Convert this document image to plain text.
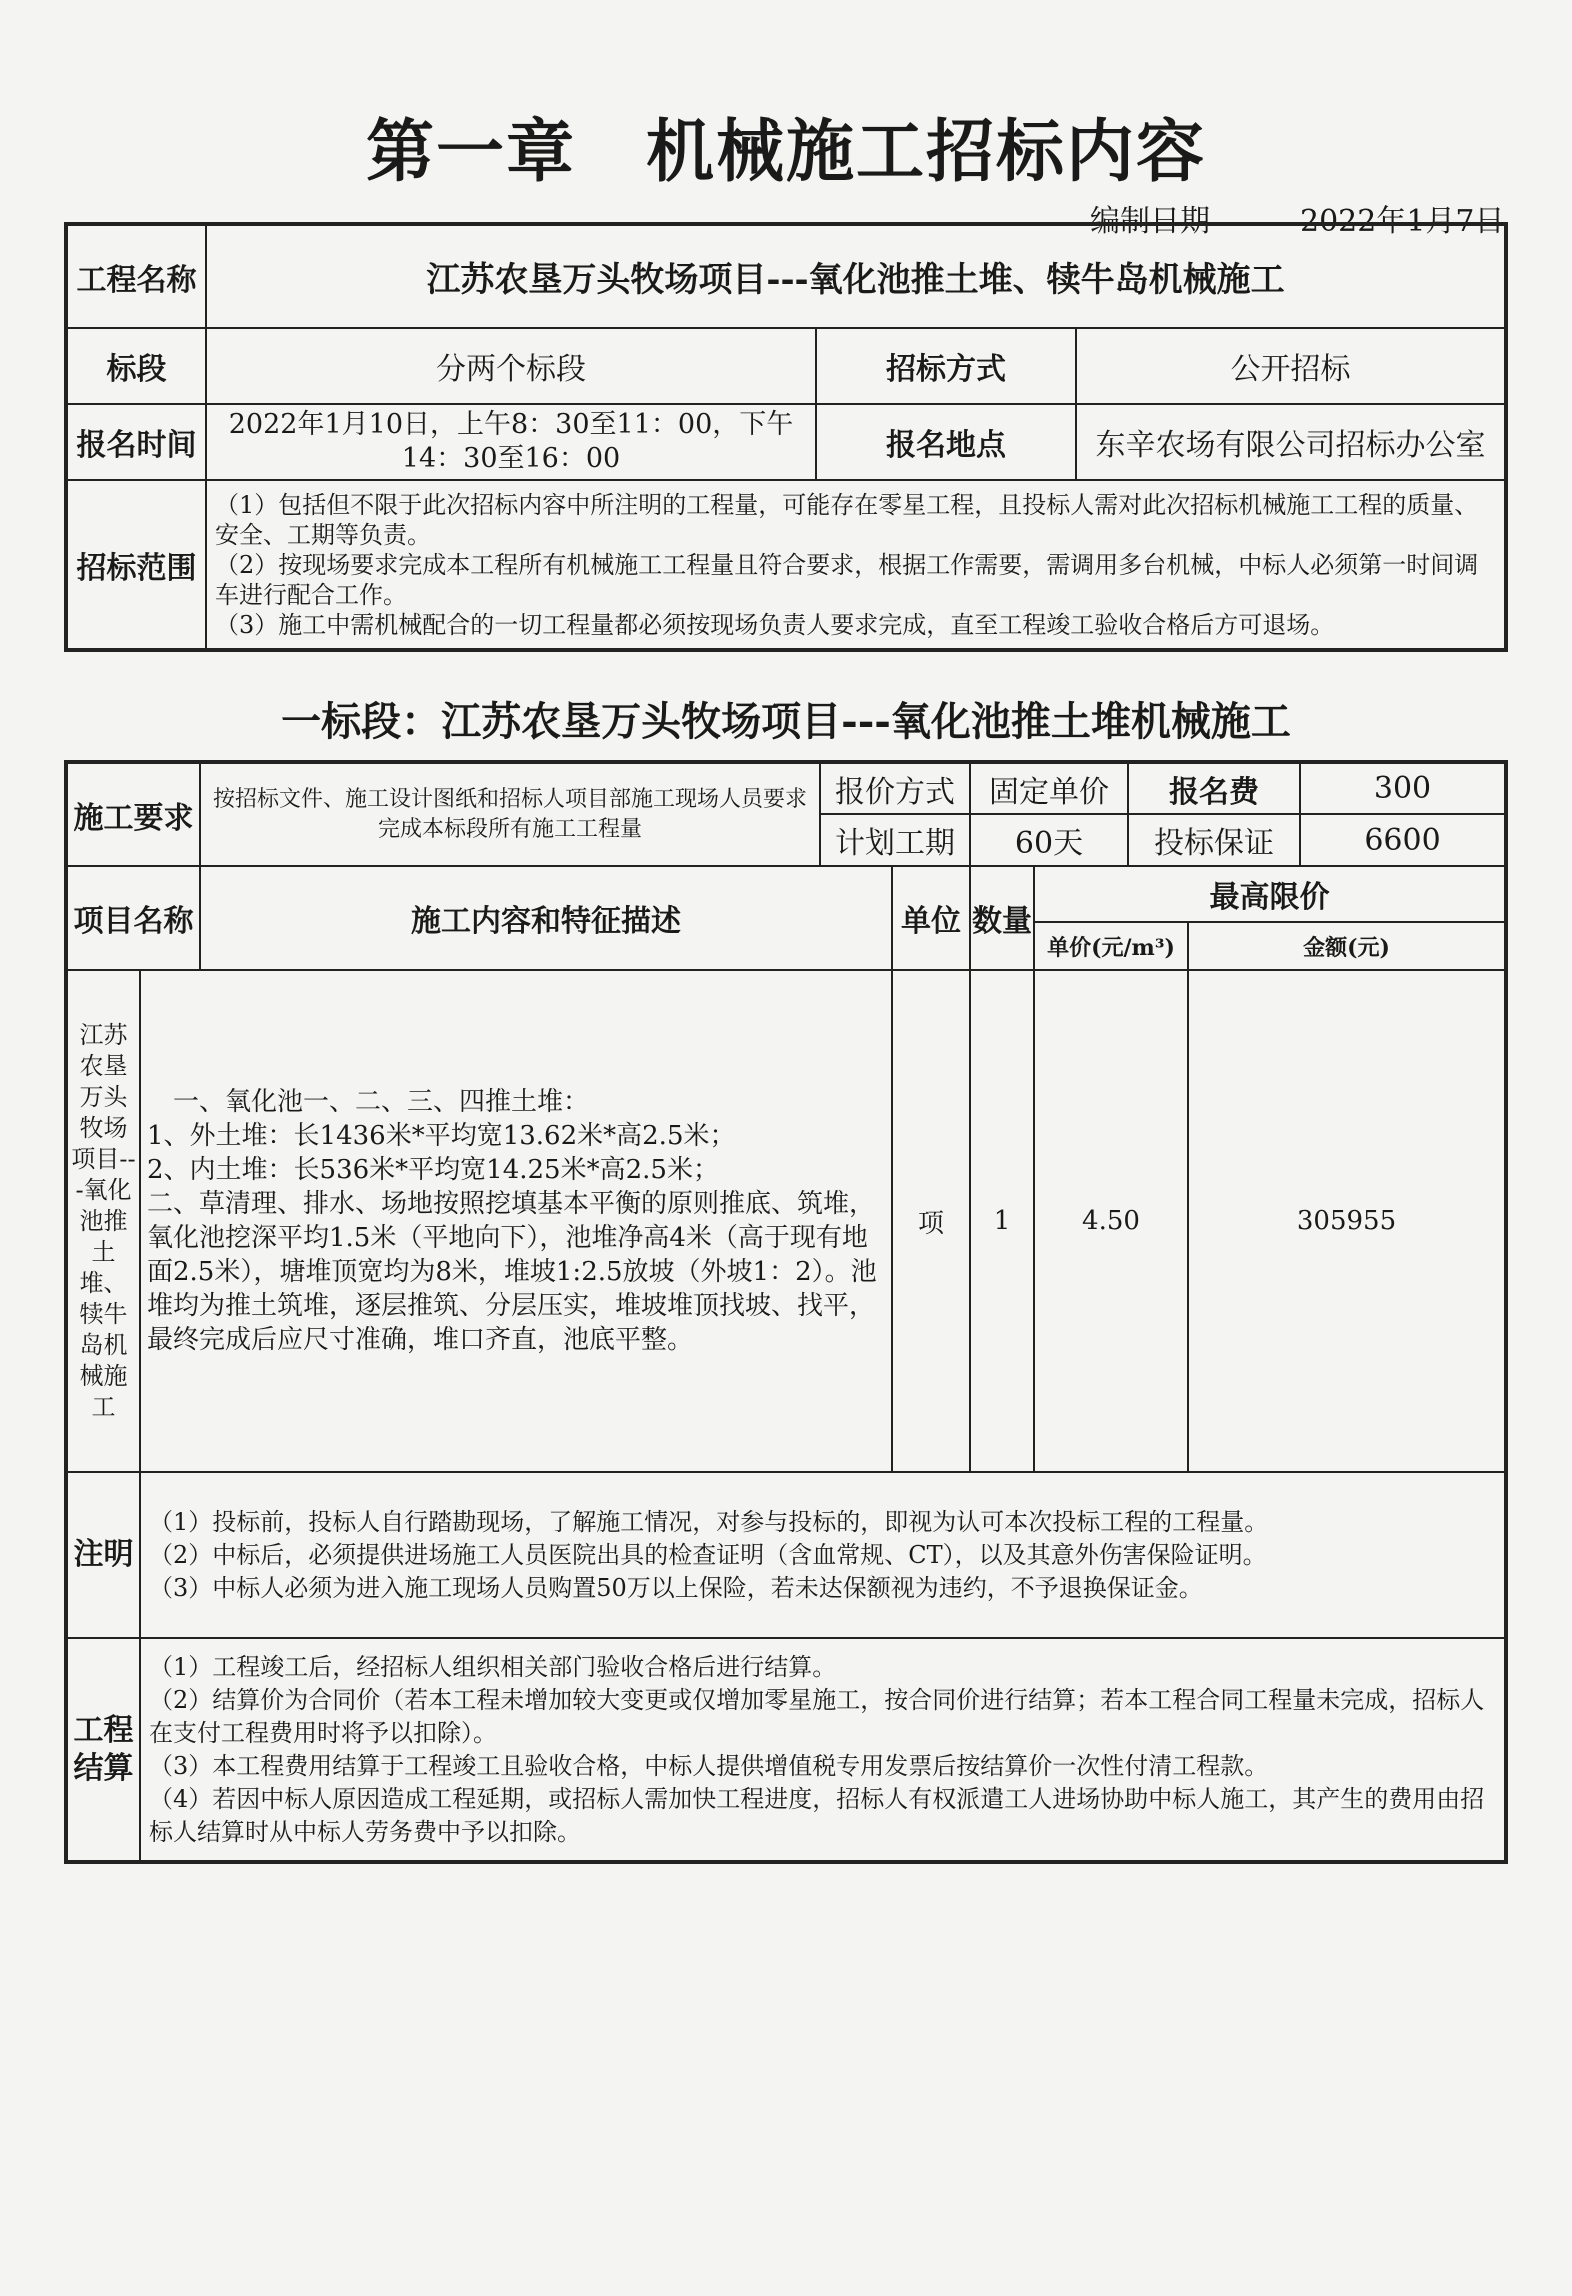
第一章　机械施工招标内容
编制日期　　　2022年1月7日
工程名称	江苏农垦万头牧场项目---氧化池推土堆、犊牛岛机械施工		
标段	分两个标段	招标方式	公开招标
报名时间	2022年1月10日，上午8：30至11：00，下午
14：30至16：00	报名地点	东辛农场有限公司招标办公室
招标范围	（1）包括但不限于此次招标内容中所注明的工程量，可能存在零星工程，且投标人需对此次招标机械施工工程的质量、安全、工期等负责。
（2）按现场要求完成本工程所有机械施工工程量且符合要求，根据工作需要，需调用多台机械，中标人必须第一时间调车进行配合工作。
（3）施工中需机械配合的一切工程量都必须按现场负责人要求完成，直至工程竣工验收合格后方可退场。		
一标段：江苏农垦万头牧场项目---氧化池推土堆机械施工
施工要求		按招标文件、施工设计图纸和招标人项目部施工现场人员要求完成本标段所有施工工程量	报价方式		固定单价		报名费		300
			计划工期		60天		投标保证		6600
项目名称		施工内容和特征描述		单位	数量	最高限价			
						单价(元/m³)		金额(元)	
江苏农垦万头牧场项目---氧化池推土堆、犊牛岛机械施工	　一、氧化池一、二、三、四推土堆：
1、外土堆：长1436米*平均宽13.62米*高2.5米；
2、内土堆：长536米*平均宽14.25米*高2.5米；
二、草清理、排水、场地按照挖填基本平衡的原则推底、筑堆，氧化池挖深平均1.5米（平地向下），池堆净高4米（高于现有地面2.5米），塘堆顶宽均为8米，堆坡1:2.5放坡（外坡1：2）。池堆均为推土筑堆，逐层推筑、分层压实，堆坡堆顶找坡、找平，最终完成后应尺寸准确，堆口齐直，池底平整。			项	1	4.50		305955	
注明	（1）投标前，投标人自行踏勘现场，了解施工情况，对参与投标的，即视为认可本次投标工程的工程量。
（2）中标后，必须提供进场施工人员医院出具的检查证明（含血常规、CT），以及其意外伤害保险证明。
（3）中标人必须为进入施工现场人员购置50万以上保险，若未达保额视为违约，不予退换保证金。								

工程
结算	（1）工程竣工后，经招标人组织相关部门验收合格后进行结算。
（2）结算价为合同价（若本工程未增加较大变更或仅增加零星施工，按合同价进行结算；若本工程合同工程量未完成，招标人在支付工程费用时将予以扣除）。
（3）本工程费用结算于工程竣工且验收合格，中标人提供增值税专用发票后按结算价一次性付清工程款。
（4）若因中标人原因造成工程延期，或招标人需加快工程进度，招标人有权派遣工人进场协助中标人施工，其产生的费用由招标人结算时从中标人劳务费中予以扣除。								
